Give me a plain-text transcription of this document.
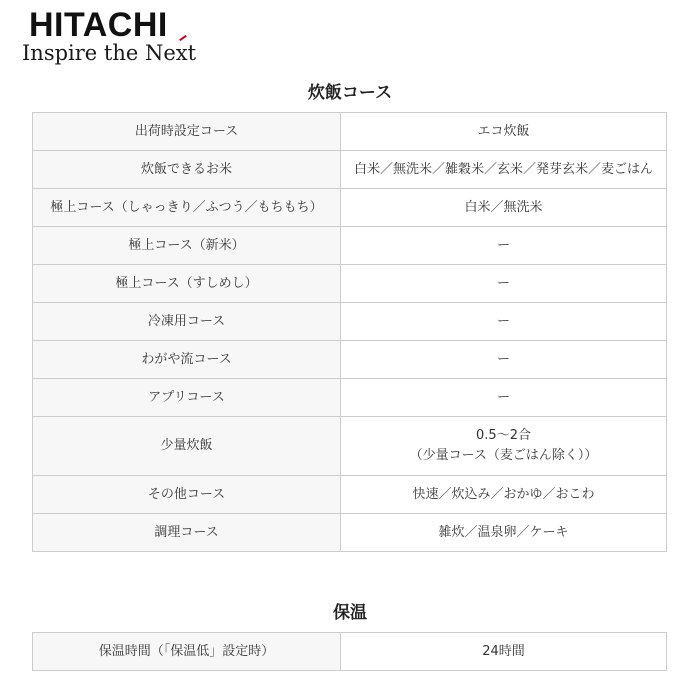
HITACHI
Inspire the Next
炊飯コース
出荷時設定コース	エコ炊飯

炊飯できるお米	白米／無洗米／雑穀米／玄米／発芽玄米／麦ごはん

極上コース（しゃっきり／ふつう／もちもち）	白米／無洗米

極上コース（新米）	ー

極上コース（すしめし）	ー

冷凍用コース	ー

わがや流コース	ー

アプリコース	ー

少量炊飯	0.5〜2合
（少量コース（麦ごはん除く））

その他コース	快速／炊込み／おかゆ／おこわ

調理コース	雑炊／温泉卵／ケーキ
保温
保温時間（「保温低」設定時）	24時間
